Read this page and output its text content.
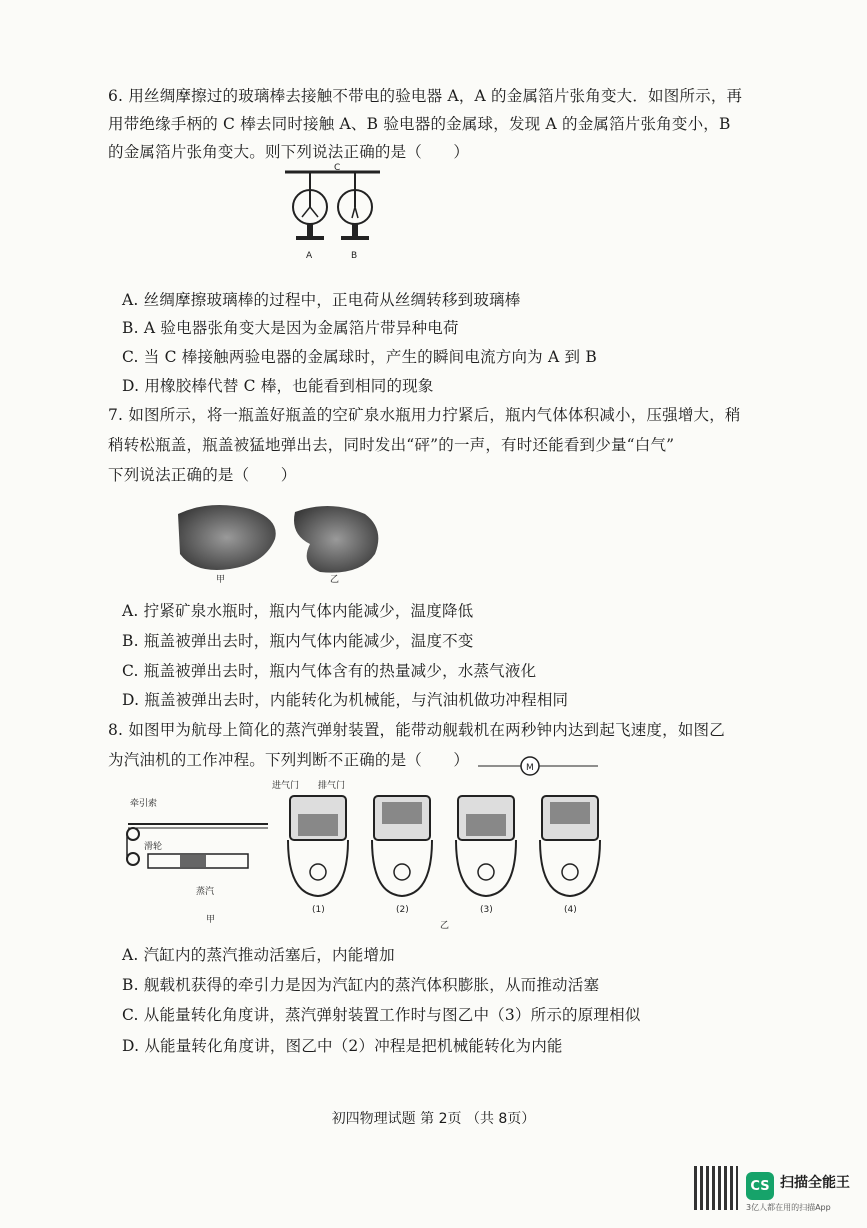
6. 用丝绸摩擦过的玻璃棒去接触不带电的验电器 A，A 的金属箔片张角变大．如图所示，再
用带绝缘手柄的 C 棒去同时接触 A、B 验电器的金属球，发现 A 的金属箔片张角变小，B
的金属箔片张角变大。则下列说法正确的是（　　）
C
A	B
A. 丝绸摩擦玻璃棒的过程中，正电荷从丝绸转移到玻璃棒
B. A 验电器张角变大是因为金属箔片带异种电荷
C. 当 C 棒接触两验电器的金属球时，产生的瞬间电流方向为 A 到 B
D. 用橡胶棒代替 C 棒，也能看到相同的现象
7. 如图所示，将一瓶盖好瓶盖的空矿泉水瓶用力拧紧后，瓶内气体体积减小，压强增大，稍
稍转松瓶盖，瓶盖被猛地弹出去，同时发出“砰”的一声，有时还能看到少量“白气”
下列说法正确的是（　　）
甲	乙
A. 拧紧矿泉水瓶时，瓶内气体内能减少，温度降低
B. 瓶盖被弹出去时，瓶内气体内能减少，温度不变
C. 瓶盖被弹出去时，瓶内气体含有的热量减少，水蒸气液化
D. 瓶盖被弹出去时，内能转化为机械能，与汽油机做功冲程相同
8. 如图甲为航母上简化的蒸汽弹射装置，能带动舰载机在两秒钟内达到起飞速度，如图乙
为汽油机的工作冲程。下列判断不正确的是（　　）
牵引索
滑轮
蒸汽
甲
M
进气门 排气门
(1)	(2)	(3)	(4)
乙
A. 汽缸内的蒸汽推动活塞后，内能增加
B. 舰载机获得的牵引力是因为汽缸内的蒸汽体积膨胀，从而推动活塞
C. 从能量转化角度讲，蒸汽弹射装置工作时与图乙中（3）所示的原理相似
D. 从能量转化角度讲，图乙中（2）冲程是把机械能转化为内能
初四物理试题 第 2页 （共 8页）
CS 扫描全能王
3亿人都在用的扫描App
